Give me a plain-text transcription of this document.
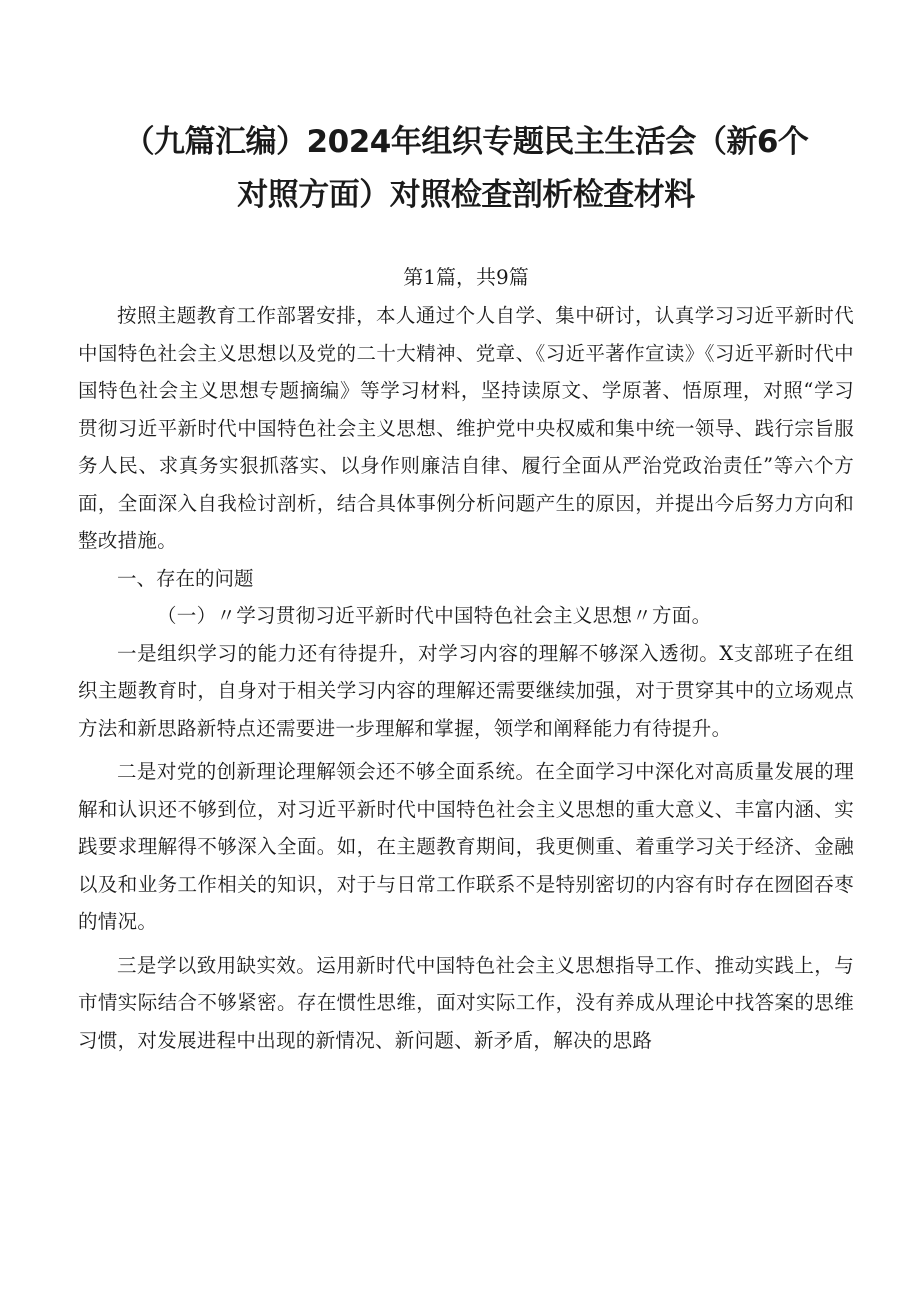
（九篇汇编）2024年组织专题民主生活会（新6个
对照方面）对照检查剖析检查材料
第1篇，共9篇

按照主题教育工作部署安排，本人通过个人自学、集中研讨，认真学习习近平新时代中国特色社会主义思想以及党的二十大精神、党章、《习近平著作宣读》《习近平新时代中国特色社会主义思想专题摘编》等学习材料，坚持读原文、学原著、悟原理，对照“学习贯彻习近平新时代中国特色社会主义思想、维护党中央权威和集中统一领导、践行宗旨服务人民、求真务实狠抓落实、以身作则廉洁自律、履行全面从严治党政治责任”等六个方面，全面深入自我检讨剖析，结合具体事例分析问题产生的原因，并提出今后努力方向和整改措施。

一、存在的问题

（一）〃学习贯彻习近平新时代中国特色社会主义思想〃方面。

一是组织学习的能力还有待提升，对学习内容的理解不够深入透彻。X支部班子在组织主题教育时，自身对于相关学习内容的理解还需要继续加强，对于贯穿其中的立场观点方法和新思路新特点还需要进一步理解和掌握，领学和阐释能力有待提升。

二是对党的创新理论理解领会还不够全面系统。在全面学习中深化对高质量发展的理解和认识还不够到位，对习近平新时代中国特色社会主义思想的重大意义、丰富内涵、实践要求理解得不够深入全面。如，在主题教育期间，我更侧重、着重学习关于经济、金融以及和业务工作相关的知识，对于与日常工作联系不是特别密切的内容有时存在囫囵吞枣的情况。

三是学以致用缺实效。运用新时代中国特色社会主义思想指导工作、推动实践上，与市情实际结合不够紧密。存在惯性思维，面对实际工作，没有养成从理论中找答案的思维习惯，对发展进程中出现的新情况、新问题、新矛盾，解决的思路
